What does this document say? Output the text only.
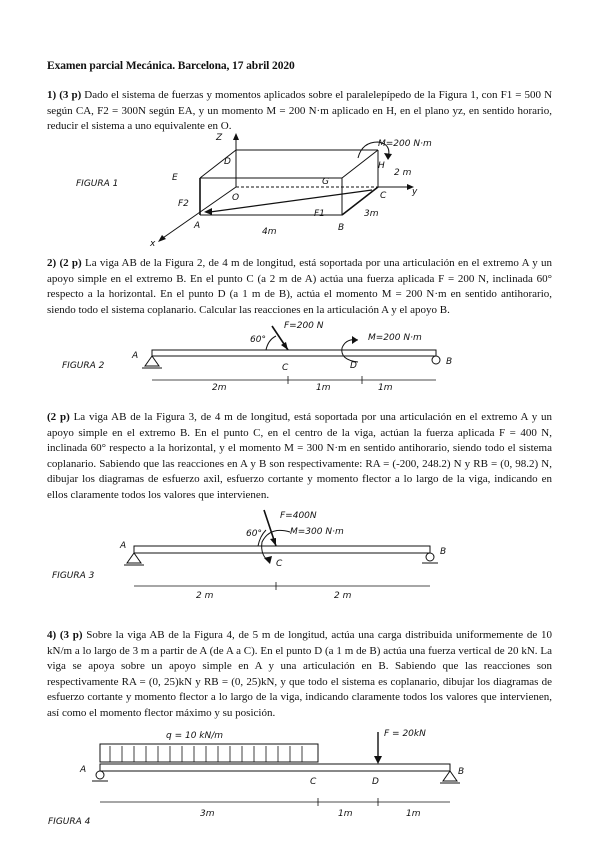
Examen parcial Mecánica. Barcelona, 17 abril 2020
1) (3 p) Dado el sistema de fuerzas y momentos aplicados sobre el paralelepípedo de la Figura 1, con F1 = 500 N según CA, F2 = 300N según EA, y un momento M = 200 N·m aplicado en H, en el plano yz, en sentido horario, reducir el sistema a uno equivalente en O.
FIGURA 1
Z
x
y
D
E
O
G
H
C
A	B
F1
F2
M=200 N·m
2 m
3m
4m
2) (2 p) La viga AB de la Figura 2, de 4 m de longitud, está soportada por una articulación en el extremo A y un apoyo simple en el extremo B. En el punto C (a 2 m de A) actúa una fuerza aplicada F = 200 N, inclinada 60° respecto a la horizontal. En el punto D (a 1 m de B), actúa el momento M = 200 N·m en sentido antihorario, siendo todo el sistema coplanario. Calcular las reacciones en la articulación A y el apoyo B.
FIGURA 2
A
B
C	D
F=200 N
60°	M=200 N·m
2m	1m	1m
(2 p) La viga AB de la Figura 3, de 4 m de longitud, está soportada por una articulación en el extremo A y un apoyo simple en el extremo B. En el punto C, en el centro de la viga, actúan la fuerza aplicada F = 400 N, inclinada 60° respecto a la horizontal, y el momento M = 300 N·m en sentido antihorario, siendo todo el sistema coplanario. Sabiendo que las reacciones en A y B son respectivamente: RA = (-200, 248.2) N y RB = (0, 98.2) N, dibujar los diagramas de esfuerzo axil, esfuerzo cortante y momento flector a lo largo de la viga, indicando en ellos claramente todos los valores que intervienen.
FIGURA 3
A
B
C
F=400N
60°	M=300 N·m
2 m	2 m
4) (3 p) Sobre la viga AB de la Figura 4, de 5 m de longitud, actúa una carga distribuida uniformemente de 10 kN/m a lo largo de 3 m a partir de A (de A a C). En el punto D (a 1 m de B) actúa una fuerza vertical de 20 kN. La viga se apoya sobre un apoyo simple en A y una articulación en B. Sabiendo que las reacciones son respectivamente RA = (0, 25)kN y RB = (0, 25)kN, y que todo el sistema es coplanario, dibujar los diagramas de esfuerzo cortante y momento flector a lo largo de la viga, indicando claramente todos los valores que intervienen, así como el momento flector máximo y su posición.
FIGURA 4
A	B
C	D
q = 10 kN/m	F = 20kN
3m	1m	1m
